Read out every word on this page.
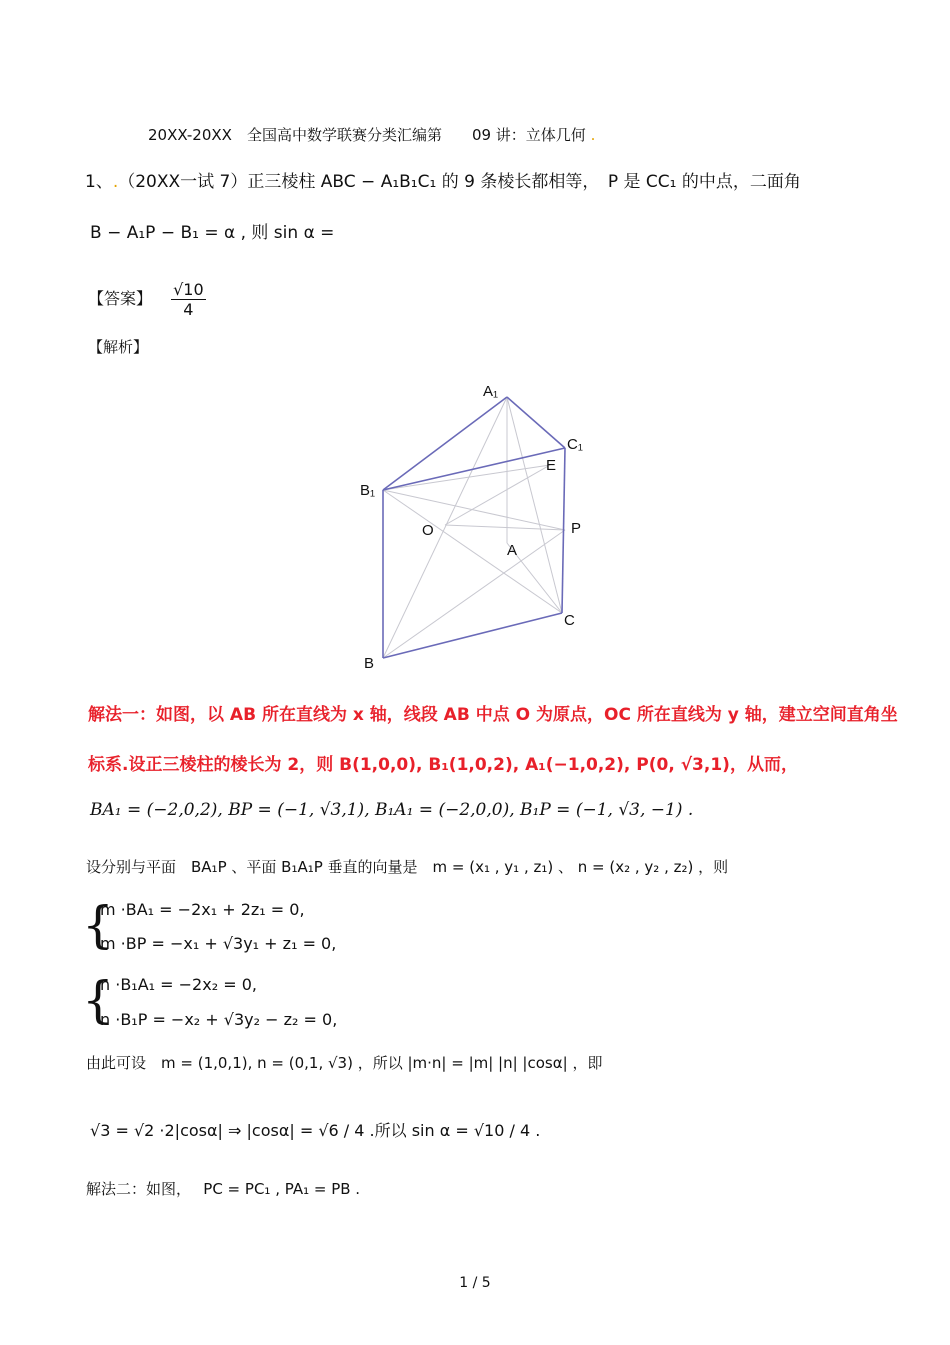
20XX-20XX　全国高中数学联赛分类汇编第　　09 讲：立体几何 .
1、.（20XX一试 7）正三棱柱 ABC − A₁B₁C₁ 的 9 条棱长都相等，　P 是 CC₁ 的中点，二面角
B − A₁P − B₁ = α , 则 sin α =
【答案】 $\frac{√10}{4}$
【解析】
A₁
C₁
E
B₁
O	P
A
C
B
解法一：如图，以 AB 所在直线为 x 轴，线段 AB 中点 O 为原点，OC 所在直线为 y 轴，建立空间直角坐
标系.设正三棱柱的棱长为 2，则 B(1,0,0), B₁(1,0,2), A₁(−1,0,2), P(0, √3,1)，从而，
BA₁ = (−2,0,2), BP = (−1, √3,1), B₁A₁ = (−2,0,0), B₁P = (−1, √3, −1) .
设分别与平面　BA₁P 、平面 B₁A₁P 垂直的向量是　m = (x₁ , y₁ , z₁) 、 n = (x₂ , y₂ , z₂) ，则
{
m ·BA₁ = −2x₁ + 2z₁ = 0,
m ·BP = −x₁ + √3y₁ + z₁ = 0,
{
n ·B₁A₁ = −2x₂ = 0,
n ·B₁P = −x₂ + √3y₂ − z₂ = 0,
由此可设　m = (1,0,1), n = (0,1, √3) ，所以 |m·n| = |m| |n| |cosα| ，即
√3 = √2 ·2|cosα| ⇒ |cosα| = √6 / 4 .所以 sin α = √10 / 4 .
解法二：如图，　 PC = PC₁ , PA₁ = PB .
1 / 5
